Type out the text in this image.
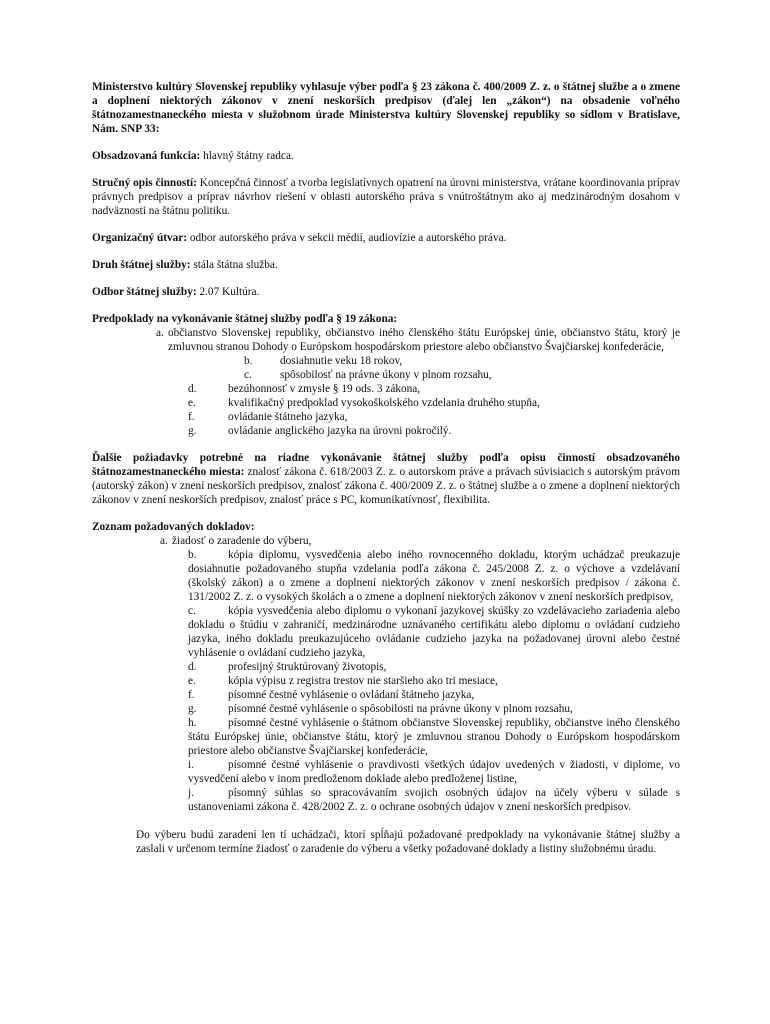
Ministerstvo kultúry Slovenskej republiky vyhlasuje výber podľa § 23 zákona č. 400/2009 Z. z. o štátnej službe a o zmene a doplnení niektorých zákonov v znení neskorších predpisov (ďalej len „zákon“) na obsadenie voľného štátnozamestnaneckého miesta v služobnom úrade Ministerstva kultúry Slovenskej republiky so sídlom v Bratislave, Nám. SNP 33:

Obsadzovaná funkcia: hlavný štátny radca.

Stručný opis činností: Koncepčná činnosť a tvorba legislatívnych opatrení na úrovni ministerstva, vrátane koordinovania príprav právnych predpisov a príprav návrhov riešení v oblasti autorského práva s vnútroštátnym ako aj medzinárodným dosahom v nadväznosti na štátnu politiku.

Organizačný útvar: odbor autorského práva v sekcii médií, audiovízie a autorského práva.

Druh štátnej služby: stála štátna služba.

Odbor štátnej služby: 2.07 Kultúra.

Predpoklady na vykonávanie štátnej služby podľa § 19 zákona:

a. občianstvo Slovenskej republiky, občianstvo iného členského štátu Európskej únie, občianstvo štátu, ktorý je zmluvnou stranou Dohody o Európskom hospodárskom priestore alebo občianstvo Švajčiarskej konfederácie,
b.	dosiahnutie veku 18 rokov,
c.	spôsobilosť na právne úkony v plnom rozsahu,
d.	bezúhonnosť v zmysle § 19 ods. 3 zákona,
e.	kvalifikačný predpoklad vysokoškolského vzdelania druhého stupňa,
f.	ovládanie štátneho jazyka,
g.	ovládanie anglického jazyka na úrovni pokročilý.

Ďalšie požiadavky potrebné na riadne vykonávanie štátnej služby podľa opisu činností obsadzovaného štátnozamestnaneckého miesta: znalosť zákona č. 618/2003 Z. z. o autorskom práve a právach súvisiacich s autorským právom (autorský zákon) v znení neskorších predpisov, znalosť zákona č. 400/2009 Z. z. o štátnej službe a o zmene a doplnení niektorých zákonov v znení neskorších predpisov, znalosť práce s PC, komunikatívnosť, flexibilita.

Zoznam požadovaných dokladov:

a. žiadosť o zaradenie do výberu,
b.	kópia diplomu, vysvedčenia alebo iného rovnocenného dokladu, ktorým uchádzač preukazuje dosiahnutie požadovaného stupňa vzdelania podľa zákona č. 245/2008 Z. z. o výchove a vzdelávaní (školský zákon) a o zmene a doplnení niektorých zákonov v znení neskorších predpisov / zákona č. 131/2002 Z. z. o vysokých školách a o zmene a doplnení niektorých zákonov v znení neskorších predpisov,
c.	kópia vysvedčenia alebo diplomu o vykonaní jazykovej skúšky zo vzdelávacieho zariadenia alebo dokladu o štúdiu v zahraničí, medzinárodne uznávaného certifikátu alebo diplomu o ovládaní cudzieho jazyka, iného dokladu preukazujúceho ovládanie cudzieho jazyka na požadovanej úrovni alebo čestné vyhlásenie o ovládaní cudzieho jazyka,
d.	profesijný štruktúrovaný životopis,
e.	kópia výpisu z registra trestov nie staršieho ako tri mesiace,
f.	písomné čestné vyhlásenie o ovládaní štátneho jazyka,
g.	písomné čestné vyhlásenie o spôsobilosti na právne úkony v plnom rozsahu,
h.	písomné čestné vyhlásenie o štátnom občianstve Slovenskej republiky, občianstve iného členského štátu Európskej únie, občianstve štátu, ktorý je zmluvnou stranou Dohody o Európskom hospodárskom priestore alebo občianstve Švajčiarskej konfederácie,
i.	písomné čestné vyhlásenie o pravdivosti všetkých údajov uvedených v žiadosti, v diplome, vo vysvedčení alebo v inom predloženom doklade alebo predloženej listine,
j.	písomný súhlas so spracovávaním svojich osobných údajov na účely výberu v súlade s ustanoveniami zákona č. 428/2002 Z. z. o ochrane osobných údajov v znení neskorších predpisov.

Do výberu budú zaradení len tí uchádzači, ktorí spĺňajú požadované predpoklady na vykonávanie štátnej služby a zaslali v určenom termíne žiadosť o zaradenie do výberu a všetky požadované doklady a listiny služobnému úradu.
